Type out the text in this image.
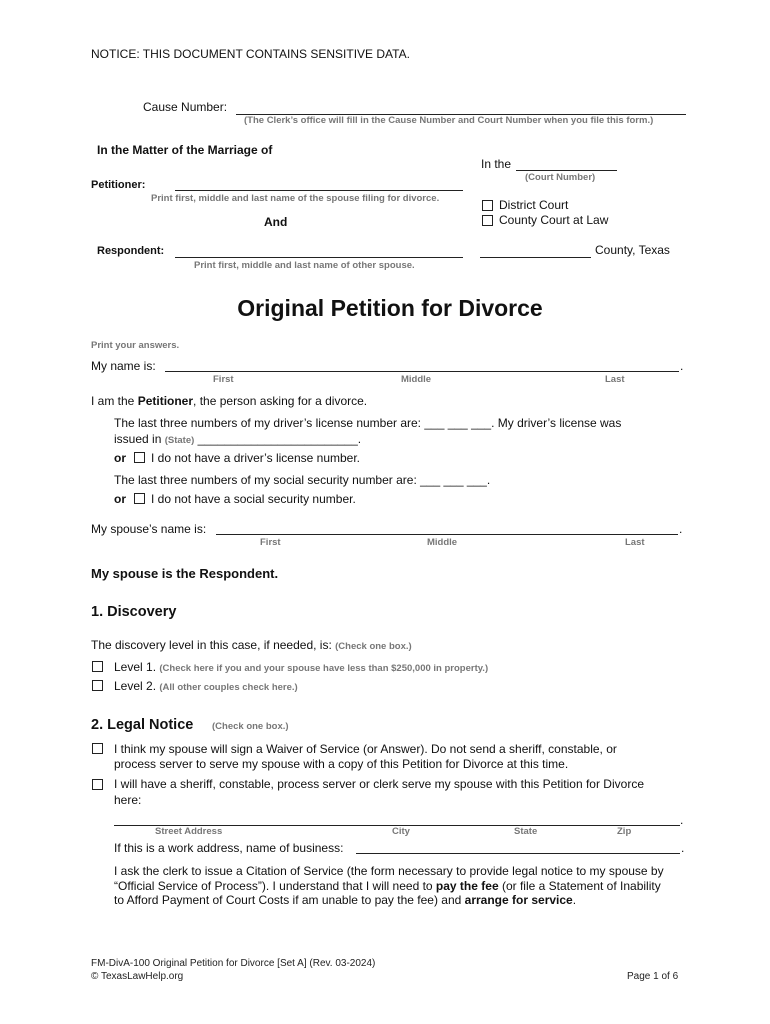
NOTICE: THIS DOCUMENT CONTAINS SENSITIVE DATA.
Cause Number:
(The Clerk’s office will fill in the Cause Number and Court Number when you file this form.)
In the Matter of the Marriage of
In the
(Court Number)
District Court
County Court at Law
County, Texas
Petitioner:
Print first, middle and last name of the spouse filing for divorce.
And
Respondent:
Print first, middle and last name of other spouse.
Original Petition for Divorce
Print your answers.
My name is:	.
First	Middle	Last
I am the Petitioner, the person asking for a divorce.
The last three numbers of my driver’s license number are: ___ ___ ___. My driver’s license was
issued in (State) ________________________.
or I do not have a driver’s license number.
The last three numbers of my social security number are: ___ ___ ___.
or I do not have a social security number.
My spouse’s name is:	.
First	Middle	Last
My spouse is the Respondent.
1. Discovery
The discovery level in this case, if needed, is: (Check one box.)
Level 1. (Check here if you and your spouse have less than $250,000 in property.)
Level 2. (All other couples check here.)
2. Legal Notice (Check one box.)
I think my spouse will sign a Waiver of Service (or Answer). Do not send a sheriff, constable, or
process server to serve my spouse with a copy of this Petition for Divorce at this time.
I will have a sheriff, constable, process server or clerk serve my spouse with this Petition for Divorce
here:
.
Street Address	City	State	Zip
If this is a work address, name of business:	.
I ask the clerk to issue a Citation of Service (the form necessary to provide legal notice to my spouse by
“Official Service of Process”). I understand that I will need to pay the fee (or file a Statement of Inability
to Afford Payment of Court Costs if am unable to pay the fee) and arrange for service.
FM-DivA-100 Original Petition for Divorce [Set A] (Rev. 03-2024)
© TexasLawHelp.org	Page 1 of 6
